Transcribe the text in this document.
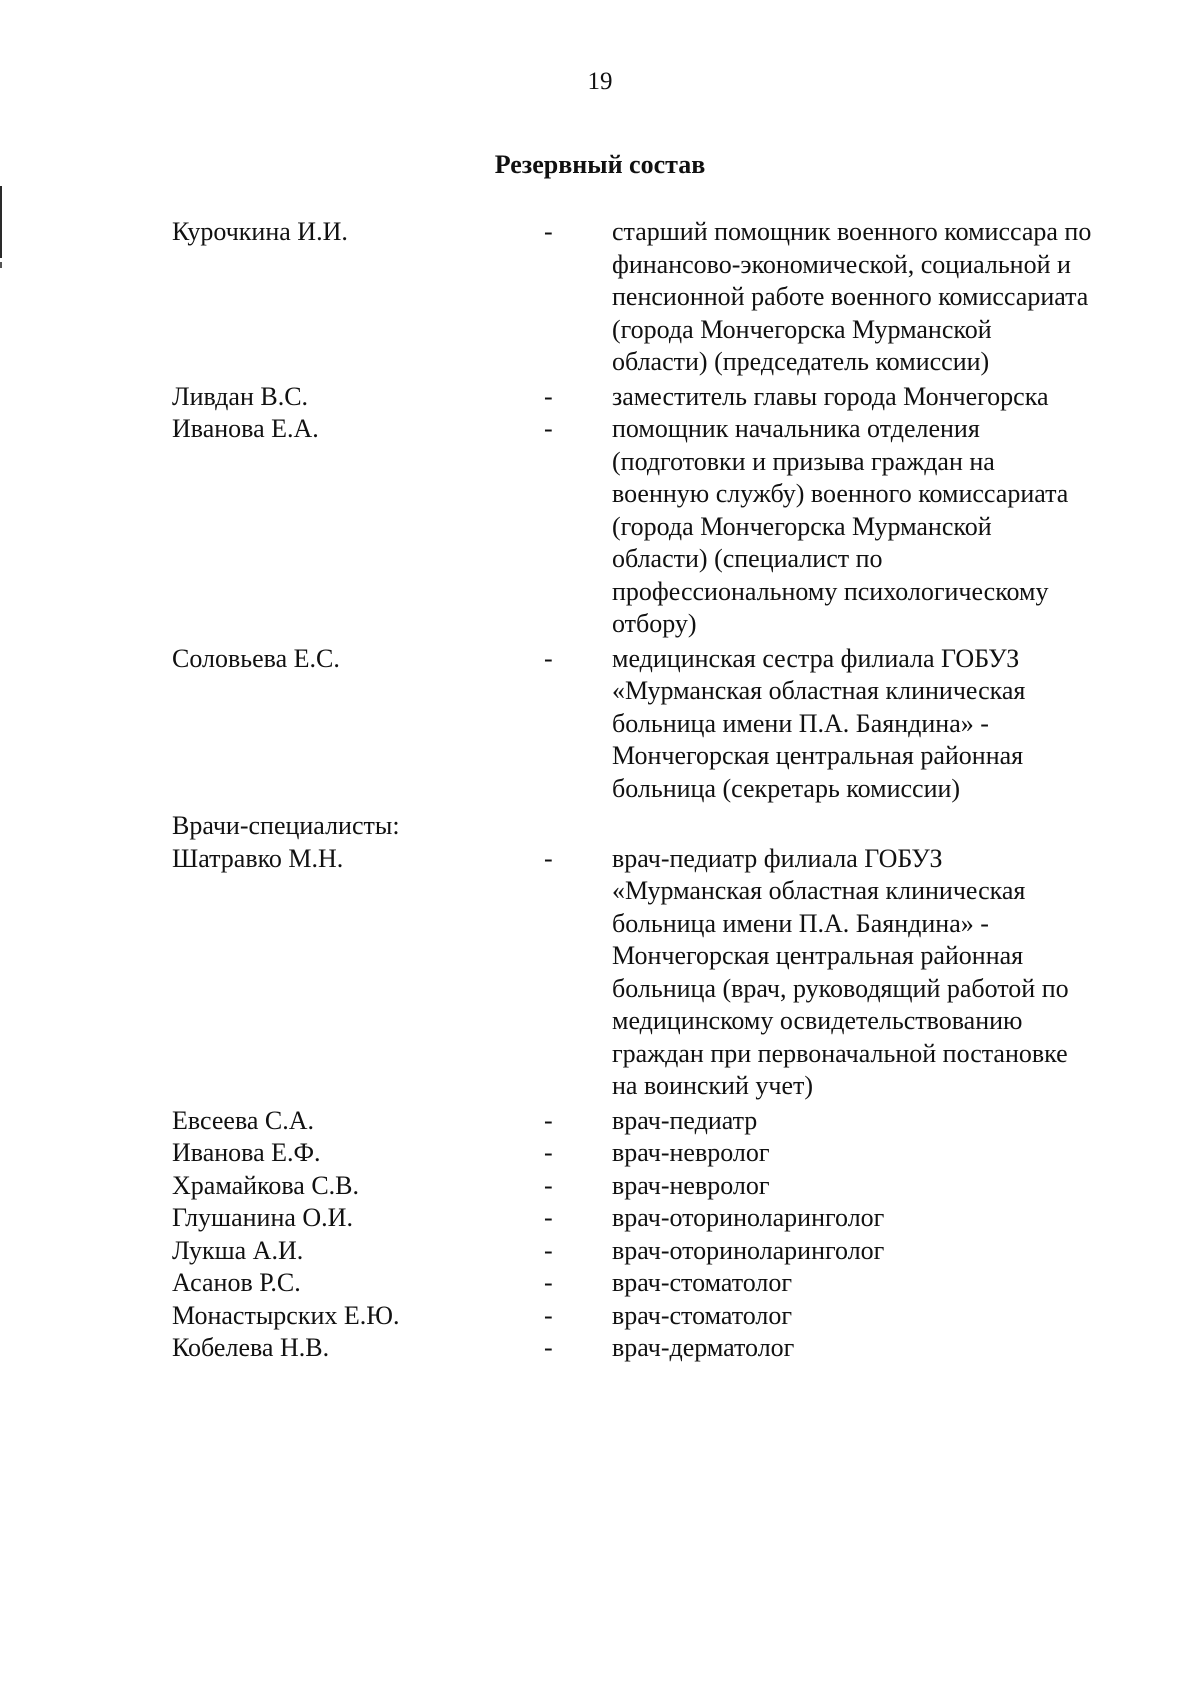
19
Резервный состав
Курочкина И.И.	-	старший помощник военного комиссара по
финансово-экономической, социальной и
пенсионной работе военного комиссариата
(города Мончегорска Мурманской
области) (председатель комиссии)
Ливдан В.С.	-	заместитель главы города Мончегорска
Иванова Е.А.	-	помощник начальника отделения
(подготовки и призыва граждан на
военную службу) военного комиссариата
(города Мончегорска Мурманской
области) (специалист по
профессиональному психологическому
отбору)
Соловьева Е.С.	-	медицинская сестра филиала ГОБУЗ
«Мурманская областная клиническая
больница имени П.А. Баяндина» -
Мончегорская центральная районная
больница (секретарь комиссии)
Врачи-специалисты:
Шатравко М.Н.	-	врач-педиатр филиала ГОБУЗ
«Мурманская областная клиническая
больница имени П.А. Баяндина» -
Мончегорская центральная районная
больница (врач, руководящий работой по
медицинскому освидетельствованию
граждан при первоначальной постановке
на воинский учет)
Евсеева С.А.	-	врач-педиатр
Иванова Е.Ф.	-	врач-невролог
Храмайкова С.В.	-	врач-невролог
Глушанина О.И.	-	врач-оториноларинголог
Лукша А.И.	-	врач-оториноларинголог
Асанов Р.С.	-	врач-стоматолог
Монастырских Е.Ю.	-	врач-стоматолог
Кобелева Н.В.	-	врач-дерматолог
